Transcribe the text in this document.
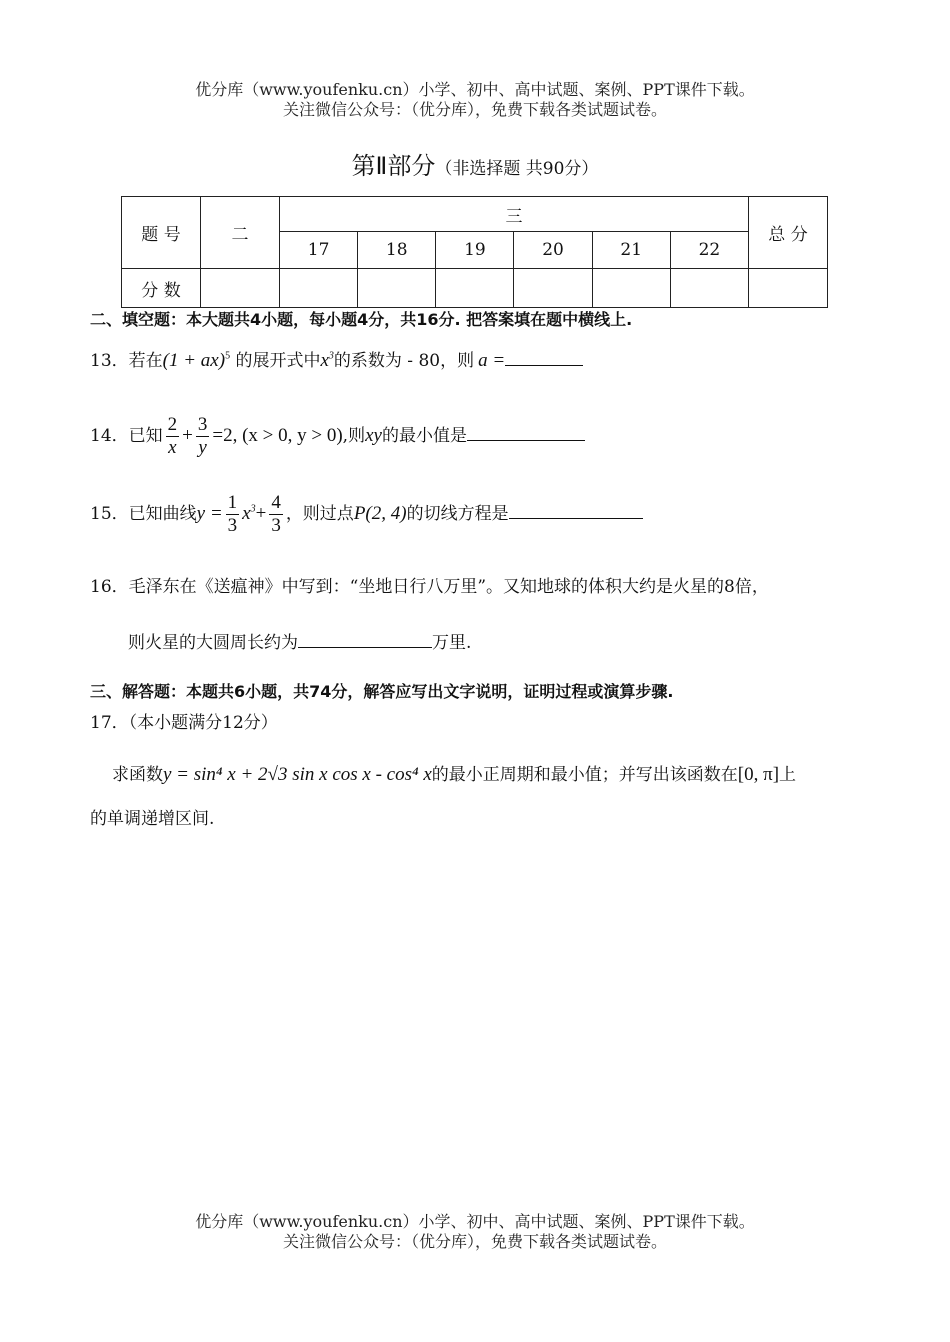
优分库（www.youfenku.cn）小学、初中、高中试题、案例、PPT课件下载。
关注微信公众号：（优分库），免费下载各类试题试卷。
第Ⅱ部分（非选择题 共90分）
题 号	二	三						总 分
		17	18	19	20	21	22	
分 数								
二、填空题：本大题共4小题，每小题4分，共16分. 把答案填在题中横线上.
13．若在(1 + ax)$^5$ 的展开式中$x^3$的系数为 - 80，则 a =
14．已知 $\frac{2}{x} + \frac{3}{y} =2$, (x > 0, y > 0),则xy的最小值是
15．已知曲线$y = \frac{1}{3} x^3+ \frac{4}{3}$ ，则过点P(2, 4)的切线方程是
16．毛泽东在《送瘟神》中写到：“坐地日行八万里”。又知地球的体积大约是火星的8倍，
则火星的大圆周长约为	万里.
三、解答题：本题共6小题，共74分，解答应写出文字说明，证明过程或演算步骤.
17．（本小题满分12分）
求函数y = sin⁴ x + 2√3 sin x cos x - cos⁴ x的最小正周期和最小值；并写出该函数在[0, π]上
的单调递增区间.
优分库（www.youfenku.cn）小学、初中、高中试题、案例、PPT课件下载。
关注微信公众号：（优分库），免费下载各类试题试卷。
